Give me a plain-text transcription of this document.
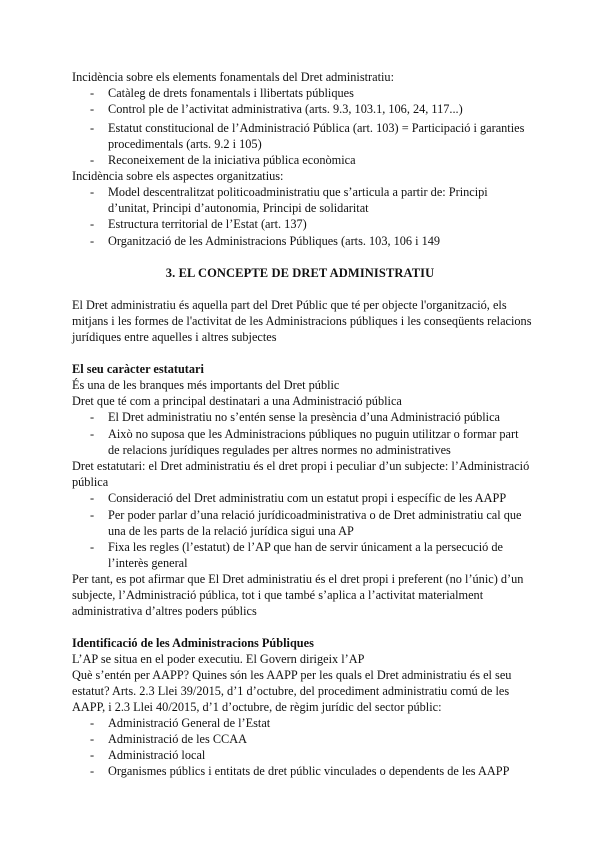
Incidència sobre els elements fonamentals del Dret administratiu:
- Catàleg de drets fonamentals i llibertats públiques
- Control ple de l’activitat administrativa (arts. 9.3, 103.1, 106, 24, 117...)
- Estatut constitucional de l’Administració Pública (art. 103) = Participació i garanties
procedimentals (arts. 9.2 i 105)
- Reconeixement de la iniciativa pública econòmica
Incidència sobre els aspectes organitzatius:
- Model descentralitzat politicoadministratiu que s’articula a partir de: Principi
d’unitat, Principi d’autonomia, Principi de solidaritat
- Estructura territorial de l’Estat (art. 137)
- Organització de les Administracions Públiques (arts. 103, 106 i 149
3. EL CONCEPTE DE DRET ADMINISTRATIU
El Dret administratiu és aquella part del Dret Públic que té per objecte l'organització, els
mitjans i les formes de l'activitat de les Administracions públiques i les conseqüents relacions
jurídiques entre aquelles i altres subjectes
El seu caràcter estatutari
És una de les branques més importants del Dret públic
Dret que té com a principal destinatari a una Administració pública
- El Dret administratiu no s’entén sense la presència d’una Administració pública
- Això no suposa que les Administracions públiques no puguin utilitzar o formar part
de relacions jurídiques regulades per altres normes no administratives
Dret estatutari: el Dret administratiu és el dret propi i peculiar d’un subjecte: l’Administració
pública
- Consideració del Dret administratiu com un estatut propi i específic de les AAPP
- Per poder parlar d’una relació jurídicoadministrativa o de Dret administratiu cal que
una de les parts de la relació jurídica sigui una AP
- Fixa les regles (l’estatut) de l’AP que han de servir únicament a la persecució de
l’interès general
Per tant, es pot afirmar que El Dret administratiu és el dret propi i preferent (no l’únic) d’un
subjecte, l’Administració pública, tot i que també s’aplica a l’activitat materialment
administrativa d’altres poders públics
Identificació de les Administracions Públiques
L’AP se situa en el poder executiu. El Govern dirigeix l’AP
Què s’entén per AAPP? Quines són les AAPP per les quals el Dret administratiu és el seu
estatut? Arts. 2.3 Llei 39/2015, d’1 d’octubre, del procediment administratiu comú de les
AAPP, i 2.3 Llei 40/2015, d’1 d’octubre, de règim jurídic del sector públic:
- Administració General de l’Estat
- Administració de les CCAA
- Administració local
- Organismes públics i entitats de dret públic vinculades o dependents de les AAPP
